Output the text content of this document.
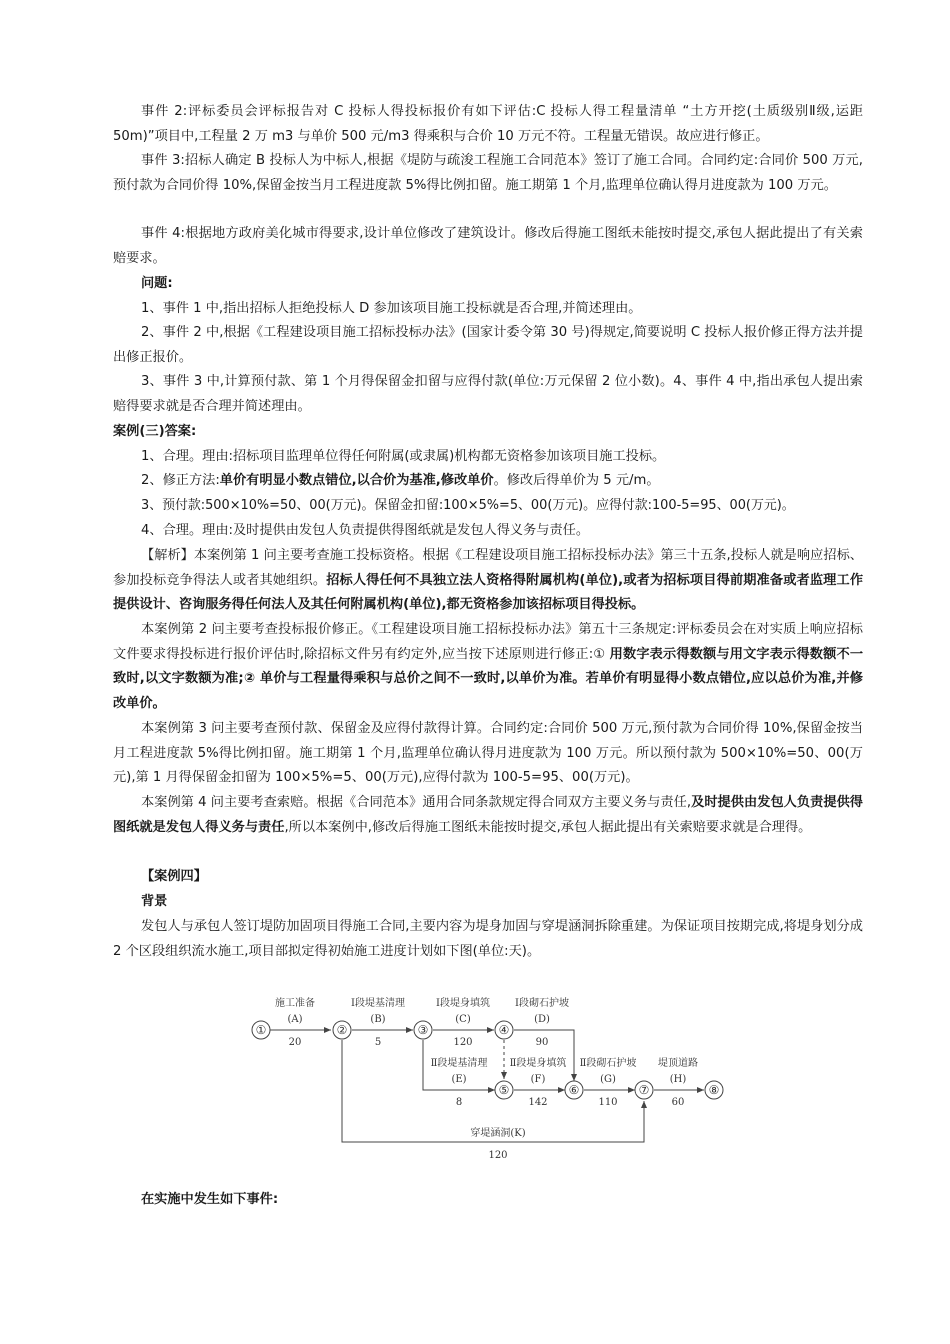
事件 2:评标委员会评标报告对 C 投标人得投标报价有如下评估:C 投标人得工程量清单 “土方开挖(土质级别Ⅱ级,运距 50m)”项目中,工程量 2 万 m3 与单价 500 元/m3 得乘积与合价 10 万元不符。工程量无错误。故应进行修正。

事件 3:招标人确定 B 投标人为中标人,根据《堤防与疏浚工程施工合同范本》签订了施工合同。合同约定:合同价 500 万元,预付款为合同价得 10%,保留金按当月工程进度款 5%得比例扣留。施工期第 1 个月,监理单位确认得月进度款为 100 万元。

事件 4:根据地方政府美化城市得要求,设计单位修改了建筑设计。修改后得施工图纸未能按时提交,承包人据此提出了有关索赔要求。

问题:

1、事件 1 中,指出招标人拒绝投标人 D 参加该项目施工投标就是否合理,并简述理由。

2、事件 2 中,根据《工程建设项目施工招标投标办法》(国家计委令第 30 号)得规定,简要说明 C 投标人报价修正得方法并提出修正报价。

3、事件 3 中,计算预付款、第 1 个月得保留金扣留与应得付款(单位:万元保留 2 位小数)。4、事件 4 中,指出承包人提出索赔得要求就是否合理并简述理由。

案例(三)答案:

1、合理。理由:招标项目监理单位得任何附属(或隶属)机构都无资格参加该项目施工投标。

2、修正方法:单价有明显小数点错位,以合价为基准,修改单价。修改后得单价为 5 元/m。

3、预付款:500×10%=50、00(万元)。保留金扣留:100×5%=5、00(万元)。应得付款:100-5=95、00(万元)。

4、合理。理由:及时提供由发包人负责提供得图纸就是发包人得义务与责任。

【解析】本案例第 1 问主要考查施工投标资格。根据《工程建设项目施工招标投标办法》第三十五条,投标人就是响应招标、参加投标竞争得法人或者其她组织。招标人得任何不具独立法人资格得附属机构(单位),或者为招标项目得前期准备或者监理工作提供设计、咨询服务得任何法人及其任何附属机构(单位),都无资格参加该招标项目得投标。

本案例第 2 问主要考查投标报价修正。《工程建设项目施工招标投标办法》第五十三条规定:评标委员会在对实质上响应招标文件要求得投标进行报价评估时,除招标文件另有约定外,应当按下述原则进行修正:① 用数字表示得数额与用文字表示得数额不一致时,以文字数额为准;② 单价与工程量得乘积与总价之间不一致时,以单价为准。若单价有明显得小数点错位,应以总价为准,并修改单价。

本案例第 3 问主要考查预付款、保留金及应得付款得计算。合同约定:合同价 500 万元,预付款为合同价得 10%,保留金按当月工程进度款 5%得比例扣留。施工期第 1 个月,监理单位确认得月进度款为 100 万元。所以预付款为 500×10%=50、00(万元),第 1 月得保留金扣留为 100×5%=5、00(万元),应得付款为 100-5=95、00(万元)。

本案例第 4 问主要考查索赔。根据《合同范本》通用合同条款规定得合同双方主要义务与责任,及时提供由发包人负责提供得图纸就是发包人得义务与责任,所以本案例中,修改后得施工图纸未能按时提交,承包人据此提出有关索赔要求就是合理得。

【案例四】

背景

发包人与承包人签订堤防加固项目得施工合同,主要内容为堤身加固与穿堤涵洞拆除重建。为保证项目按期完成,将堤身划分成 2 个区段组织流水施工,项目部拟定得初始施工进度计划如下图(单位:天)。

①	②	③	④
⑤	⑥	⑦	⑧
施工准备
(A)
20
Ⅰ段堤基清理
(B)
5
Ⅰ段堤身填筑
(C)
120
Ⅰ段砌石护坡
(D)
90
Ⅱ段堤基清理
(E)
8
Ⅱ段堤身填筑
(F)
142
Ⅱ段砌石护坡
(G)
110
堤顶道路
(H)
60
穿堤涵洞(K)
120

在实施中发生如下事件:
